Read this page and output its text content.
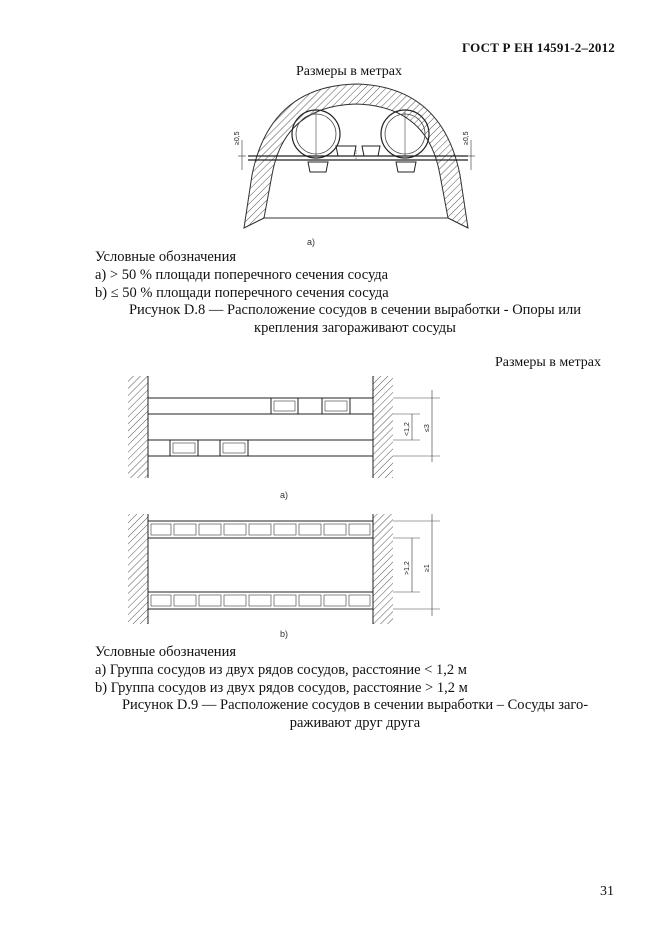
ГОСТ Р ЕН 14591-2–2012
Размеры в метрах
≥0,5	≥0,5
a)
Условные обозначения
a) > 50 % площади поперечного сечения сосуда
b) ≤ 50 % площади поперечного сечения сосуда
Рисунок D.8 — Расположение сосудов в сечении выработки - Опоры или
крепления загораживают сосуды
Размеры в метрах
<1,2 ≤3
>1,2 ≥1
a)
b)
Условные обозначения
a) Группа сосудов из двух рядов сосудов, расстояние < 1,2 м
b) Группа сосудов из двух рядов сосудов, расстояние > 1,2 м
Рисунок D.9 — Расположение сосудов в сечении выработки – Сосуды заго-
раживают друг друга
31
